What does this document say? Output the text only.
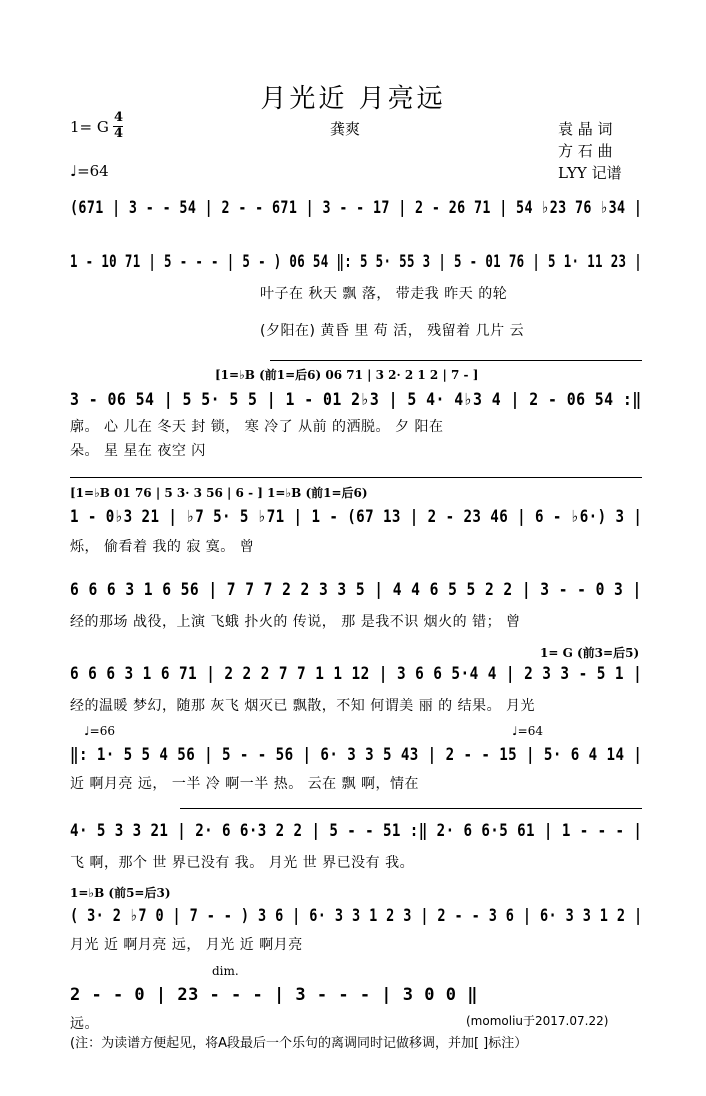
月光近 月亮远
1= G
4
4	龚爽	袁 晶 词
方 石 曲
LYY 记谱
♩=64
(671 | 3 - - 54 | 2 - - 671 | 3 - - 17 | 2 - 26 71 | 54 ♭23 76 ♭34 |
1 - 10 71 | 5 - - - | 5 - ) 06 54 ‖: 5 5· 55 3 | 5 - 01 76 | 5 1· 11 23 |
叶子在 秋天 飘 落， 带走我 昨天 的轮
(夕阳在) 黄昏 里 苟 活， 残留着 几片 云
[1=♭B (前1=后6) 06 71 | 3 2· 2 1 2 | 7 - ]
3 - 06 54 | 5 5· 5 5 | 1 - 01 2♭3 | 5 4· 4♭3 4 | 2 - 06 54 :‖
廓。 心 儿在 冬天 封 锁， 寒 冷了 从前 的洒脱。 夕 阳在
朵。 星 星在 夜空 闪
[1=♭B 01 76 | 5 3· 3 56 | 6 - ] 1=♭B (前1=后6)
1 - 0♭3 21 | ♭7 5· 5 ♭71 | 1 - (67 13 | 2 - 23 46 | 6 - ♭6·) 3 |
烁， 偷看着 我的 寂 寞。 曾
6 6 6 3 1 6 56 | 7 7 7 2 2 3 3 5 | 4 4 6 5 5 2 2 | 3 - - 0 3 |
经的那场 战役，上演 飞蛾 扑火的 传说， 那 是我不识 烟火的 错； 曾
1= G (前3=后5)
6 6 6 3 1 6 71 | 2 2 2 7 7 1 1 12 | 3 6 6 5·4 4 | 2 3 3 - 5 1 |
经的温暖 梦幻，随那 灰飞 烟灭已 飘散，不知 何谓美 丽 的 结果。 月光
♩=66	♩=64
‖: 1· 5 5 4 56 | 5 - - 56 | 6· 3 3 5 43 | 2 - - 15 | 5· 6 4 14 |
近 啊月亮 远， 一半 冷 啊一半 热。 云在 飘 啊，情在
4· 5 3 3 21 | 2· 6 6·3 2 2 | 5 - - 51 :‖ 2· 6 6·5 61 | 1 - - - |
飞 啊，那个 世 界已没有 我。 月光 世 界已没有 我。
1=♭B (前5=后3)
( 3· 2 ♭7 0 | 7 - - ) 3 6 | 6· 3 3 1 2 3 | 2 - - 3 6 | 6· 3 3 1 2 |
月光 近 啊月亮 远， 月光 近 啊月亮
dim.
2 - - 0 | 23 - - - | 3 - - - | 3 0 0 ‖
远。	(momoliu于2017.07.22)
(注：为读谱方便起见，将A段最后一个乐句的离调同时记做移调，并加[ ]标注）
